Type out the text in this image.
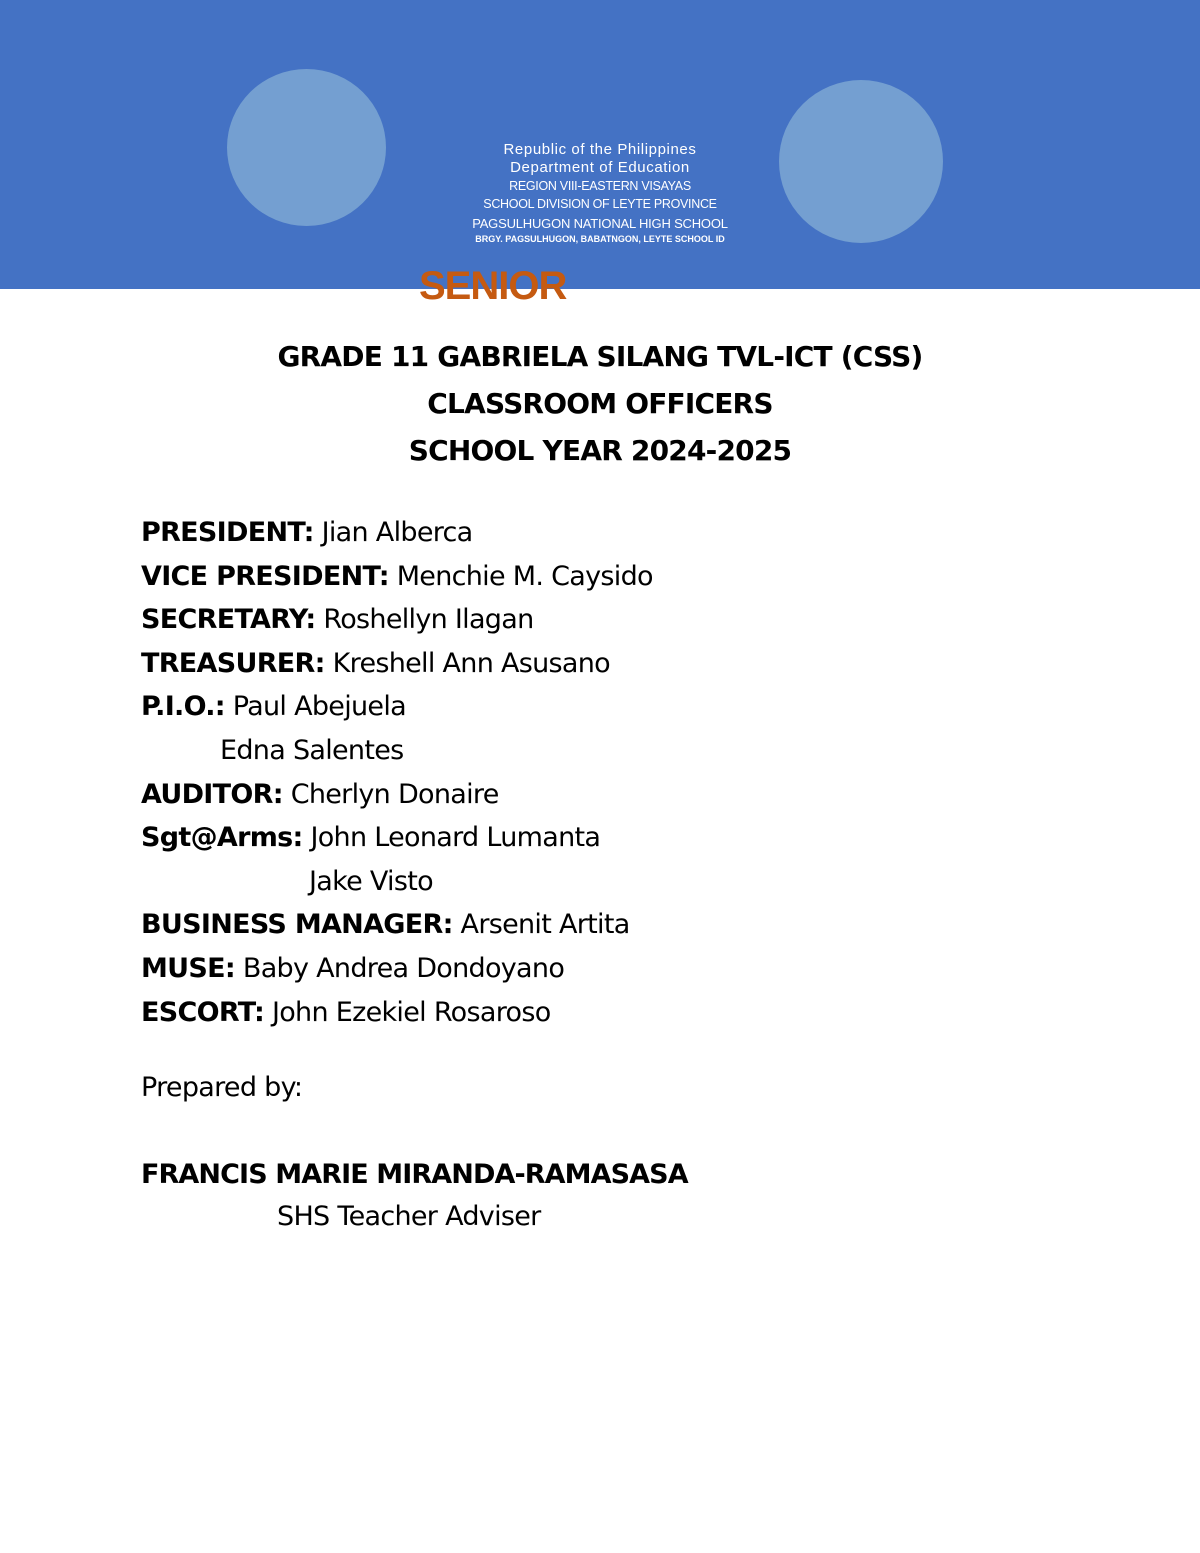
Republic of the Philippines
Department of Education
REGION VIII-EASTERN VISAYAS
SCHOOL DIVISION OF LEYTE PROVINCE
PAGSULHUGON NATIONAL HIGH SCHOOL
BRGY. PAGSULHUGON, BABATNGON, LEYTE SCHOOL ID
SENIOR
GRADE 11 GABRIELA SILANG TVL-ICT (CSS)
CLASSROOM OFFICERS
SCHOOL YEAR 2024-2025
PRESIDENT: Jian Alberca
VICE PRESIDENT: Menchie M. Caysido
SECRETARY: Roshellyn Ilagan
TREASURER: Kreshell Ann Asusano
P.I.O.: Paul Abejuela
Edna Salentes
AUDITOR: Cherlyn Donaire
Sgt@Arms: John Leonard Lumanta
Jake Visto
BUSINESS MANAGER: Arsenit Artita
MUSE: Baby Andrea Dondoyano
ESCORT: John Ezekiel Rosaroso
Prepared by:
FRANCIS MARIE MIRANDA-RAMASASA
SHS Teacher Adviser
